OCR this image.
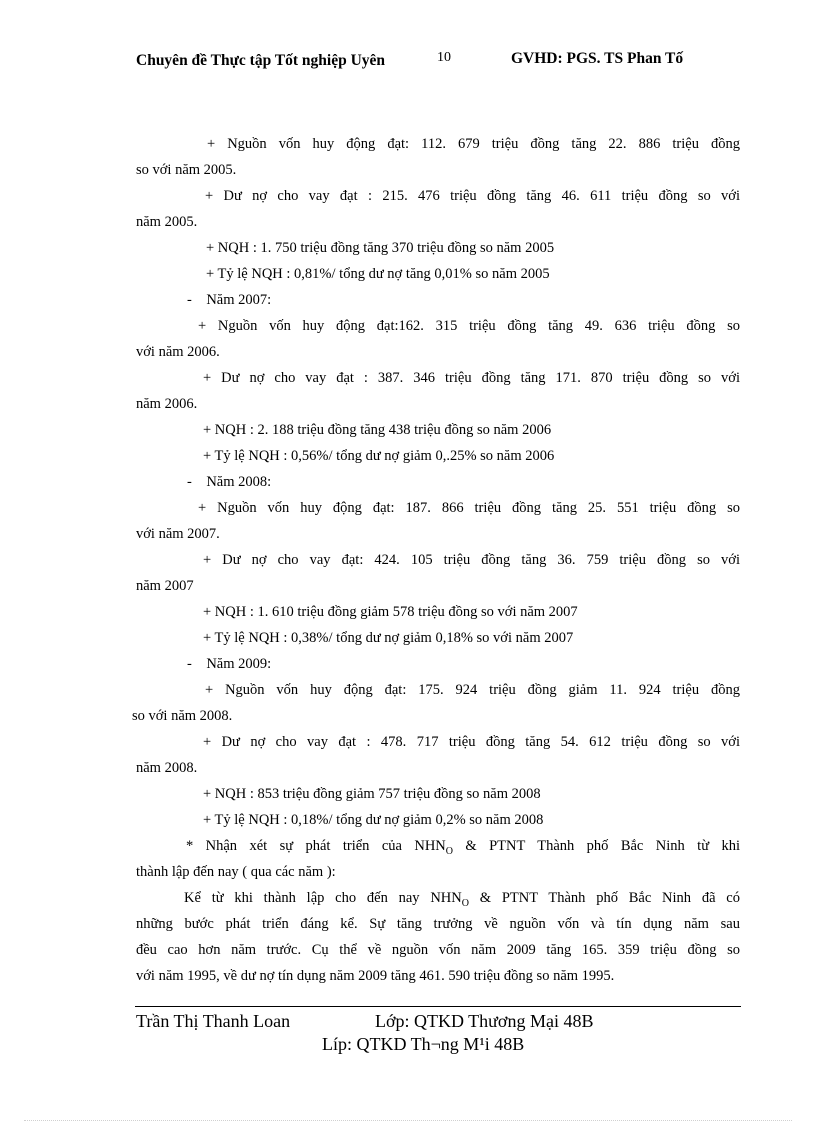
Chuyên đề Thực tập Tốt nghiệp Uyên	10	GVHD: PGS. TS Phan Tố
+ Nguồn vốn huy động đạt: 112. 679 triệu đồng tăng 22. 886 triệu đồng
so với năm 2005.
+ Dư nợ cho vay đạt : 215. 476 triệu đồng tăng 46. 611 triệu đồng so với
năm 2005.
+ NQH : 1. 750 triệu đồng tăng 370 triệu đồng so năm 2005
+ Tỷ lệ NQH : 0,81%/ tổng dư nợ tăng 0,01% so năm 2005
-    Năm 2007:
+ Nguồn vốn huy động đạt:162. 315 triệu đồng tăng 49. 636 triệu đồng so
với năm 2006.
+ Dư nợ cho vay đạt : 387. 346 triệu đồng tăng 171. 870 triệu đồng so với
năm 2006.
+ NQH : 2. 188 triệu đồng tăng 438 triệu đồng so năm 2006
+ Tỷ lệ NQH : 0,56%/ tổng dư nợ giảm 0,.25% so năm 2006
-    Năm 2008:
+ Nguồn vốn huy động đạt: 187. 866 triệu đồng tăng 25. 551 triệu đồng so
với năm 2007.
+ Dư nợ cho vay đạt: 424. 105 triệu đồng tăng 36. 759 triệu đồng so với
năm 2007
+ NQH : 1. 610 triệu đồng giảm 578 triệu đồng so với năm 2007
+ Tỷ lệ NQH : 0,38%/ tổng dư nợ giảm 0,18% so với năm 2007
-    Năm 2009:
+ Nguồn vốn huy động đạt: 175. 924 triệu đồng giảm 11. 924 triệu đồng
so với năm 2008.
+ Dư nợ cho vay đạt : 478. 717 triệu đồng tăng 54. 612 triệu đồng so với
năm 2008.
+ NQH : 853 triệu đồng giảm 757 triệu đồng so năm 2008
+ Tỷ lệ NQH : 0,18%/ tổng dư nợ giảm 0,2% so năm 2008
* Nhận xét sự phát triển của $NHN_O$ & PTNT Thành phố Bắc Ninh từ khi
thành lập đến nay ( qua các năm ):
Kể từ khi thành lập cho đến nay $NHN_O$ & PTNT Thành phố Bắc Ninh đã có
những bước phát triển đáng kể. Sự tăng trưởng về nguồn vốn và tín dụng năm sau
đều cao hơn năm trước. Cụ thể về nguồn vốn năm 2009 tăng 165. 359 triệu đồng so
với năm 1995, về dư nợ tín dụng năm 2009 tăng 461. 590 triệu đồng so năm 1995.
Trần Thị Thanh Loan	Lớp: QTKD Thương Mại 48B
Líp: QTKD Th¬ng M¹i 48B
